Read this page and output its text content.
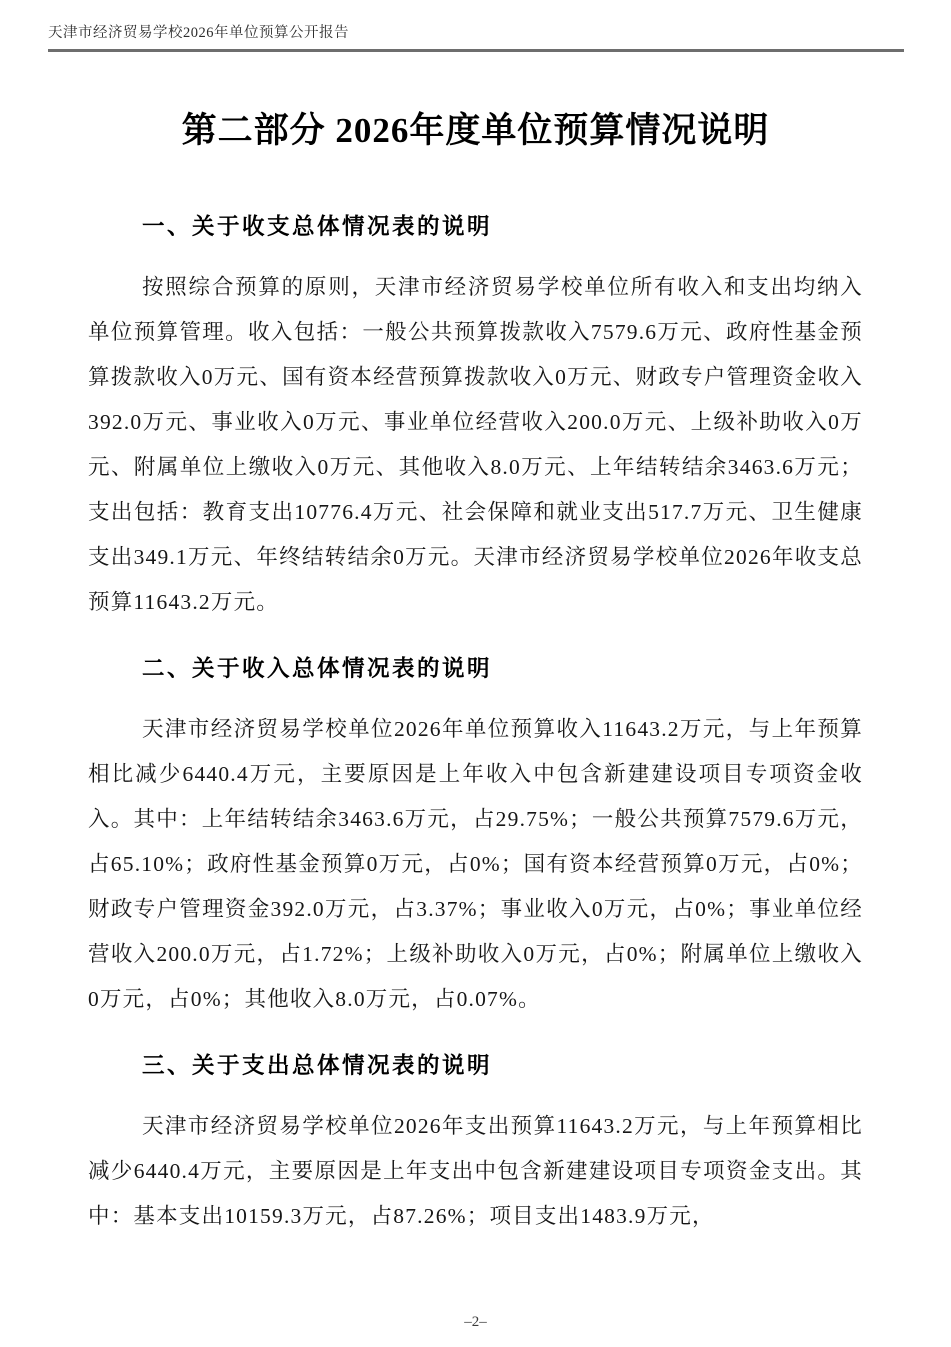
天津市经济贸易学校2026年单位预算公开报告
第二部分 2026年度单位预算情况说明
一、关于收支总体情况表的说明

按照综合预算的原则，天津市经济贸易学校单位所有收入和支出均纳入单位预算管理。收入包括：一般公共预算拨款收入7579.6万元、政府性基金预算拨款收入0万元、国有资本经营预算拨款收入0万元、财政专户管理资金收入392.0万元、事业收入0万元、事业单位经营收入200.0万元、上级补助收入0万元、附属单位上缴收入0万元、其他收入8.0万元、上年结转结余3463.6万元；支出包括：教育支出10776.4万元、社会保障和就业支出517.7万元、卫生健康支出349.1万元、年终结转结余0万元。天津市经济贸易学校单位2026年收支总预算11643.2万元。

二、关于收入总体情况表的说明

天津市经济贸易学校单位2026年单位预算收入11643.2万元，与上年预算相比减少6440.4万元，主要原因是上年收入中包含新建建设项目专项资金收入。其中：上年结转结余3463.6万元，占29.75%；一般公共预算7579.6万元，占65.10%；政府性基金预算0万元，占0%；国有资本经营预算0万元，占0%；财政专户管理资金392.0万元，占3.37%；事业收入0万元，占0%；事业单位经营收入200.0万元，占1.72%；上级补助收入0万元，占0%；附属单位上缴收入0万元，占0%；其他收入8.0万元，占0.07%。

三、关于支出总体情况表的说明

天津市经济贸易学校单位2026年支出预算11643.2万元，与上年预算相比减少6440.4万元，主要原因是上年支出中包含新建建设项目专项资金支出。其中：基本支出10159.3万元，占87.26%；项目支出1483.9万元，

–2–
